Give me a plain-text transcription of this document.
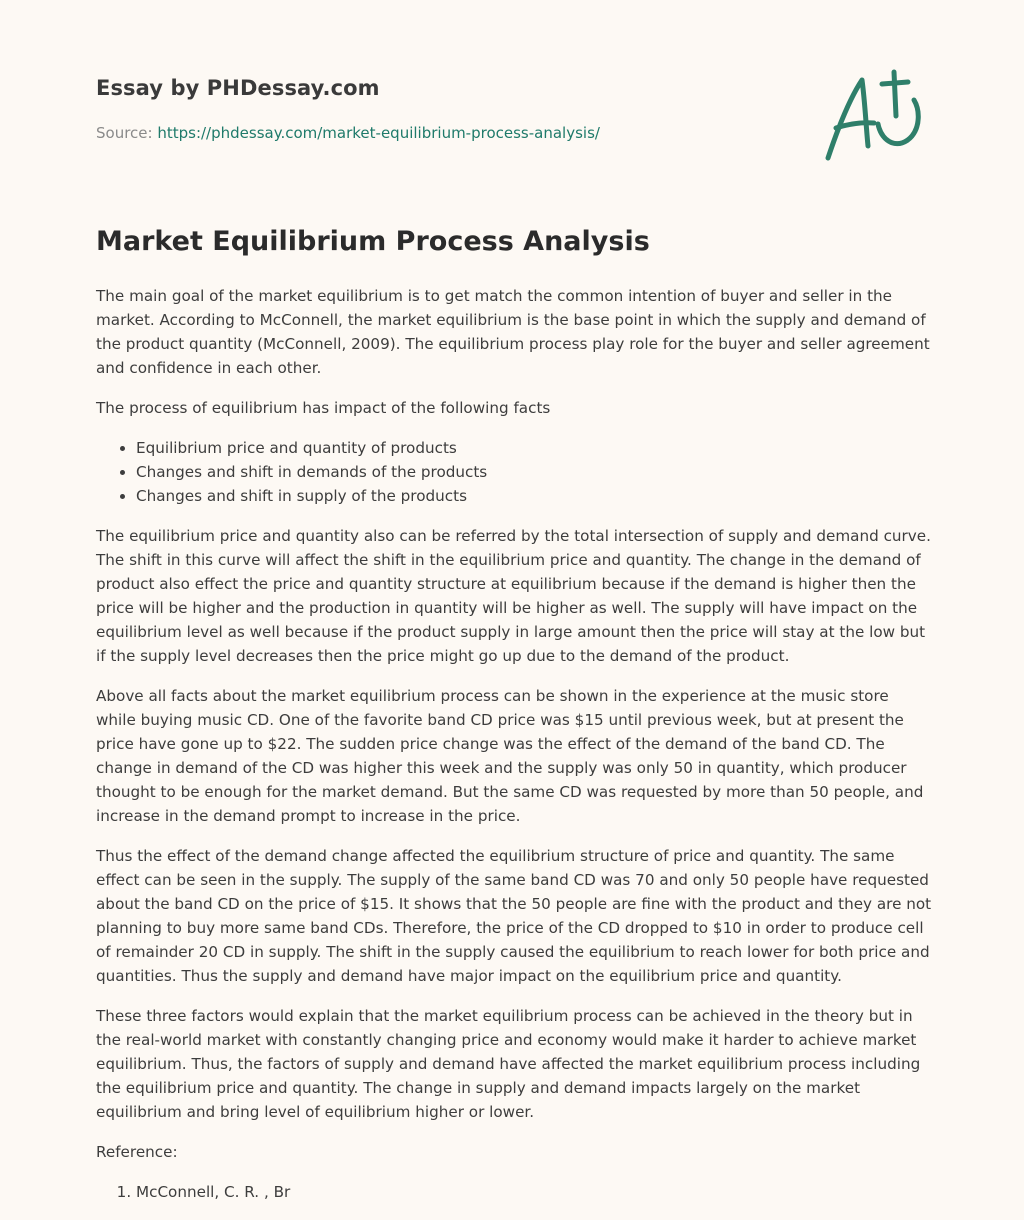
Essay by PHDessay.com
Source: https://phdessay.com/market-equilibrium-process-analysis/
Market Equilibrium Process Analysis

The main goal of the market equilibrium is to get match the common intention of buyer and seller in the market. According to McConnell, the market equilibrium is the base point in which the supply and demand of the product quantity (McConnell, 2009). The equilibrium process play role for the buyer and seller agreement and confidence in each other.

The process of equilibrium has impact of the following facts

• Equilibrium price and quantity of products
• Changes and shift in demands of the products
• Changes and shift in supply of the products

The equilibrium price and quantity also can be referred by the total intersection of supply and demand curve. The shift in this curve will affect the shift in the equilibrium price and quantity. The change in the demand of product also effect the price and quantity structure at equilibrium because if the demand is higher then the price will be higher and the production in quantity will be higher as well. The supply will have impact on the equilibrium level as well because if the product supply in large amount then the price will stay at the low but if the supply level decreases then the price might go up due to the demand of the product.

Above all facts about the market equilibrium process can be shown in the experience at the music store while buying music CD. One of the favorite band CD price was $15 until previous week, but at present the price have gone up to $22. The sudden price change was the effect of the demand of the band CD. The change in demand of the CD was higher this week and the supply was only 50 in quantity, which producer thought to be enough for the market demand. But the same CD was requested by more than 50 people, and increase in the demand prompt to increase in the price.

Thus the effect of the demand change affected the equilibrium structure of price and quantity. The same effect can be seen in the supply. The supply of the same band CD was 70 and only 50 people have requested about the band CD on the price of $15. It shows that the 50 people are fine with the product and they are not planning to buy more same band CDs. Therefore, the price of the CD dropped to $10 in order to produce cell of remainder 20 CD in supply. The shift in the supply caused the equilibrium to reach lower for both price and quantities. Thus the supply and demand have major impact on the equilibrium price and quantity.

These three factors would explain that the market equilibrium process can be achieved in the theory but in the real-world market with constantly changing price and economy would make it harder to achieve market equilibrium. Thus, the factors of supply and demand have affected the market equilibrium process including the equilibrium price and quantity. The change in supply and demand impacts largely on the market equilibrium and bring level of equilibrium higher or lower.

Reference:

1. McConnell, C. R. , Br
